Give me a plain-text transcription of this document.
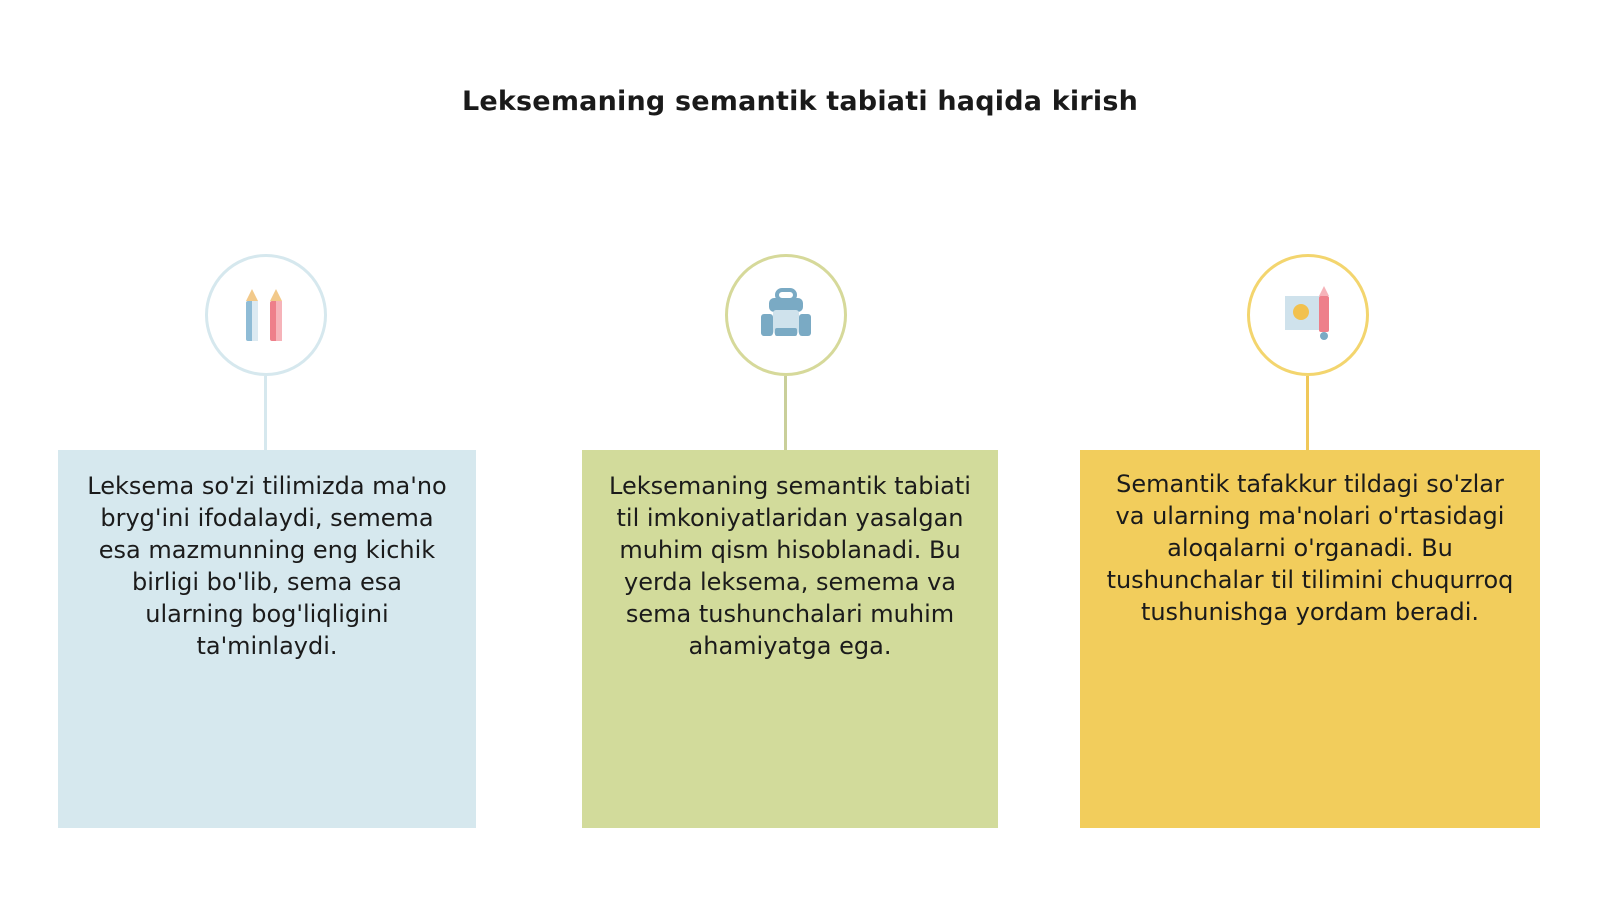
Leksemaning semantik tabiati haqida kirish
Leksema so'zi tilimizda ma'no bryg'ini ifodalaydi, semema esa mazmunning eng kichik birligi bo'lib, sema esa ularning bog'liqligini ta'minlaydi.
Leksemaning semantik tabiati til imkoniyatlaridan yasalgan muhim qism hisoblanadi. Bu yerda leksema, semema va sema tushunchalari muhim ahamiyatga ega.
Semantik tafakkur tildagi so'zlar va ularning ma'nolari o'rtasidagi aloqalarni o'rganadi. Bu tushunchalar til tilimini chuqurroq tushunishga yordam beradi.
